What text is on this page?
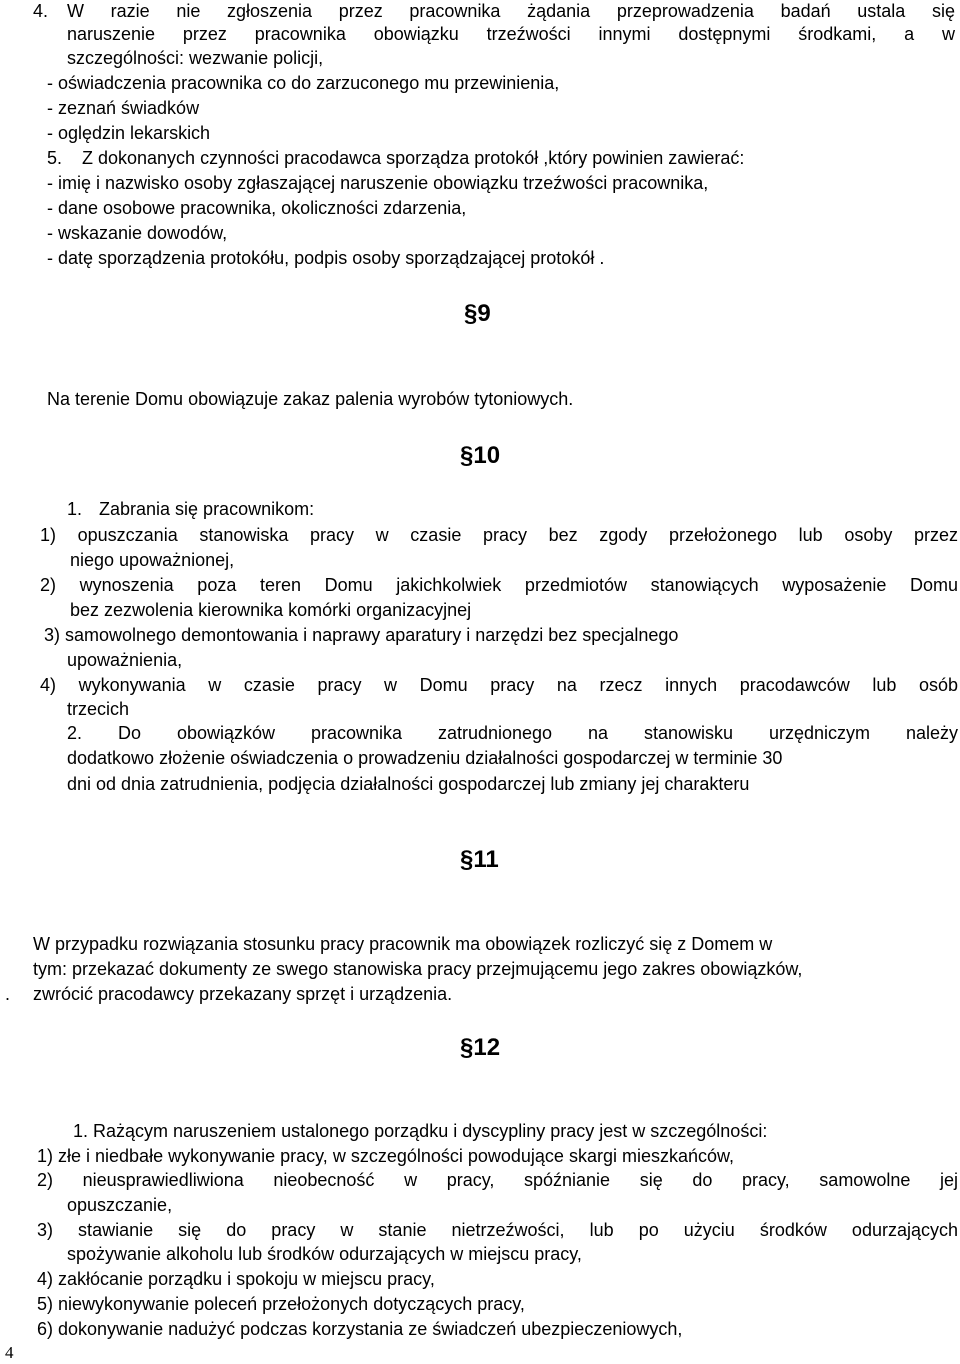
4. W razie nie zgłoszenia przez pracownika żądania przeprowadzenia badań ustala się
naruszenie przez pracownika obowiązku trzeźwości innymi dostępnymi środkami, a w
szczególności: wezwanie policji,
- oświadczenia pracownika co do zarzuconego mu przewinienia,
- zeznań świadków
- oględzin lekarskich
5. Z dokonanych czynności pracodawca sporządza protokół ,który powinien zawierać:
- imię i nazwisko osoby zgłaszającej naruszenie obowiązku trzeźwości pracownika,
- dane osobowe pracownika, okoliczności zdarzenia,
- wskazanie dowodów,
- datę sporządzenia protokółu, podpis osoby sporządzającej protokół .
§9
Na terenie Domu obowiązuje zakaz palenia wyrobów tytoniowych.
§10
1. Zabrania się pracownikom:
1) opuszczania stanowiska pracy w czasie pracy bez zgody przełożonego lub osoby przez
niego upoważnionej,
2) wynoszenia poza teren Domu jakichkolwiek przedmiotów stanowiących wyposażenie Domu
bez zezwolenia kierownika komórki organizacyjnej
3) samowolnego demontowania i naprawy aparatury i narzędzi bez specjalnego
upoważnienia,
4) wykonywania w czasie pracy w Domu pracy na rzecz innych pracodawców lub osób
trzecich
2. Do obowiązków pracownika zatrudnionego na stanowisku urzędniczym należy
dodatkowo złożenie oświadczenia o prowadzeniu działalności gospodarczej w terminie 30
dni od dnia zatrudnienia, podjęcia działalności gospodarczej lub zmiany jej charakteru
§11
W przypadku rozwiązania stosunku pracy pracownik ma obowiązek rozliczyć się z Domem w
tym: przekazać dokumenty ze swego stanowiska pracy przejmującemu jego zakres obowiązków,
. zwrócić pracodawcy przekazany sprzęt i urządzenia.
§12
1. Rażącym naruszeniem ustalonego porządku i dyscypliny pracy jest w szczególności:
1) złe i niedbałe wykonywanie pracy, w szczególności powodujące skargi mieszkańców,
2) nieusprawiedliwiona nieobecność w pracy, spóźnianie się do pracy, samowolne jej
opuszczanie,
3) stawianie się do pracy w stanie nietrzeźwości, lub po użyciu środków odurzających
spożywanie alkoholu lub środków odurzających w miejscu pracy,
4) zakłócanie porządku i spokoju w miejscu pracy,
5) niewykonywanie poleceń przełożonych dotyczących pracy,
6) dokonywanie nadużyć podczas korzystania ze świadczeń ubezpieczeniowych,
4
